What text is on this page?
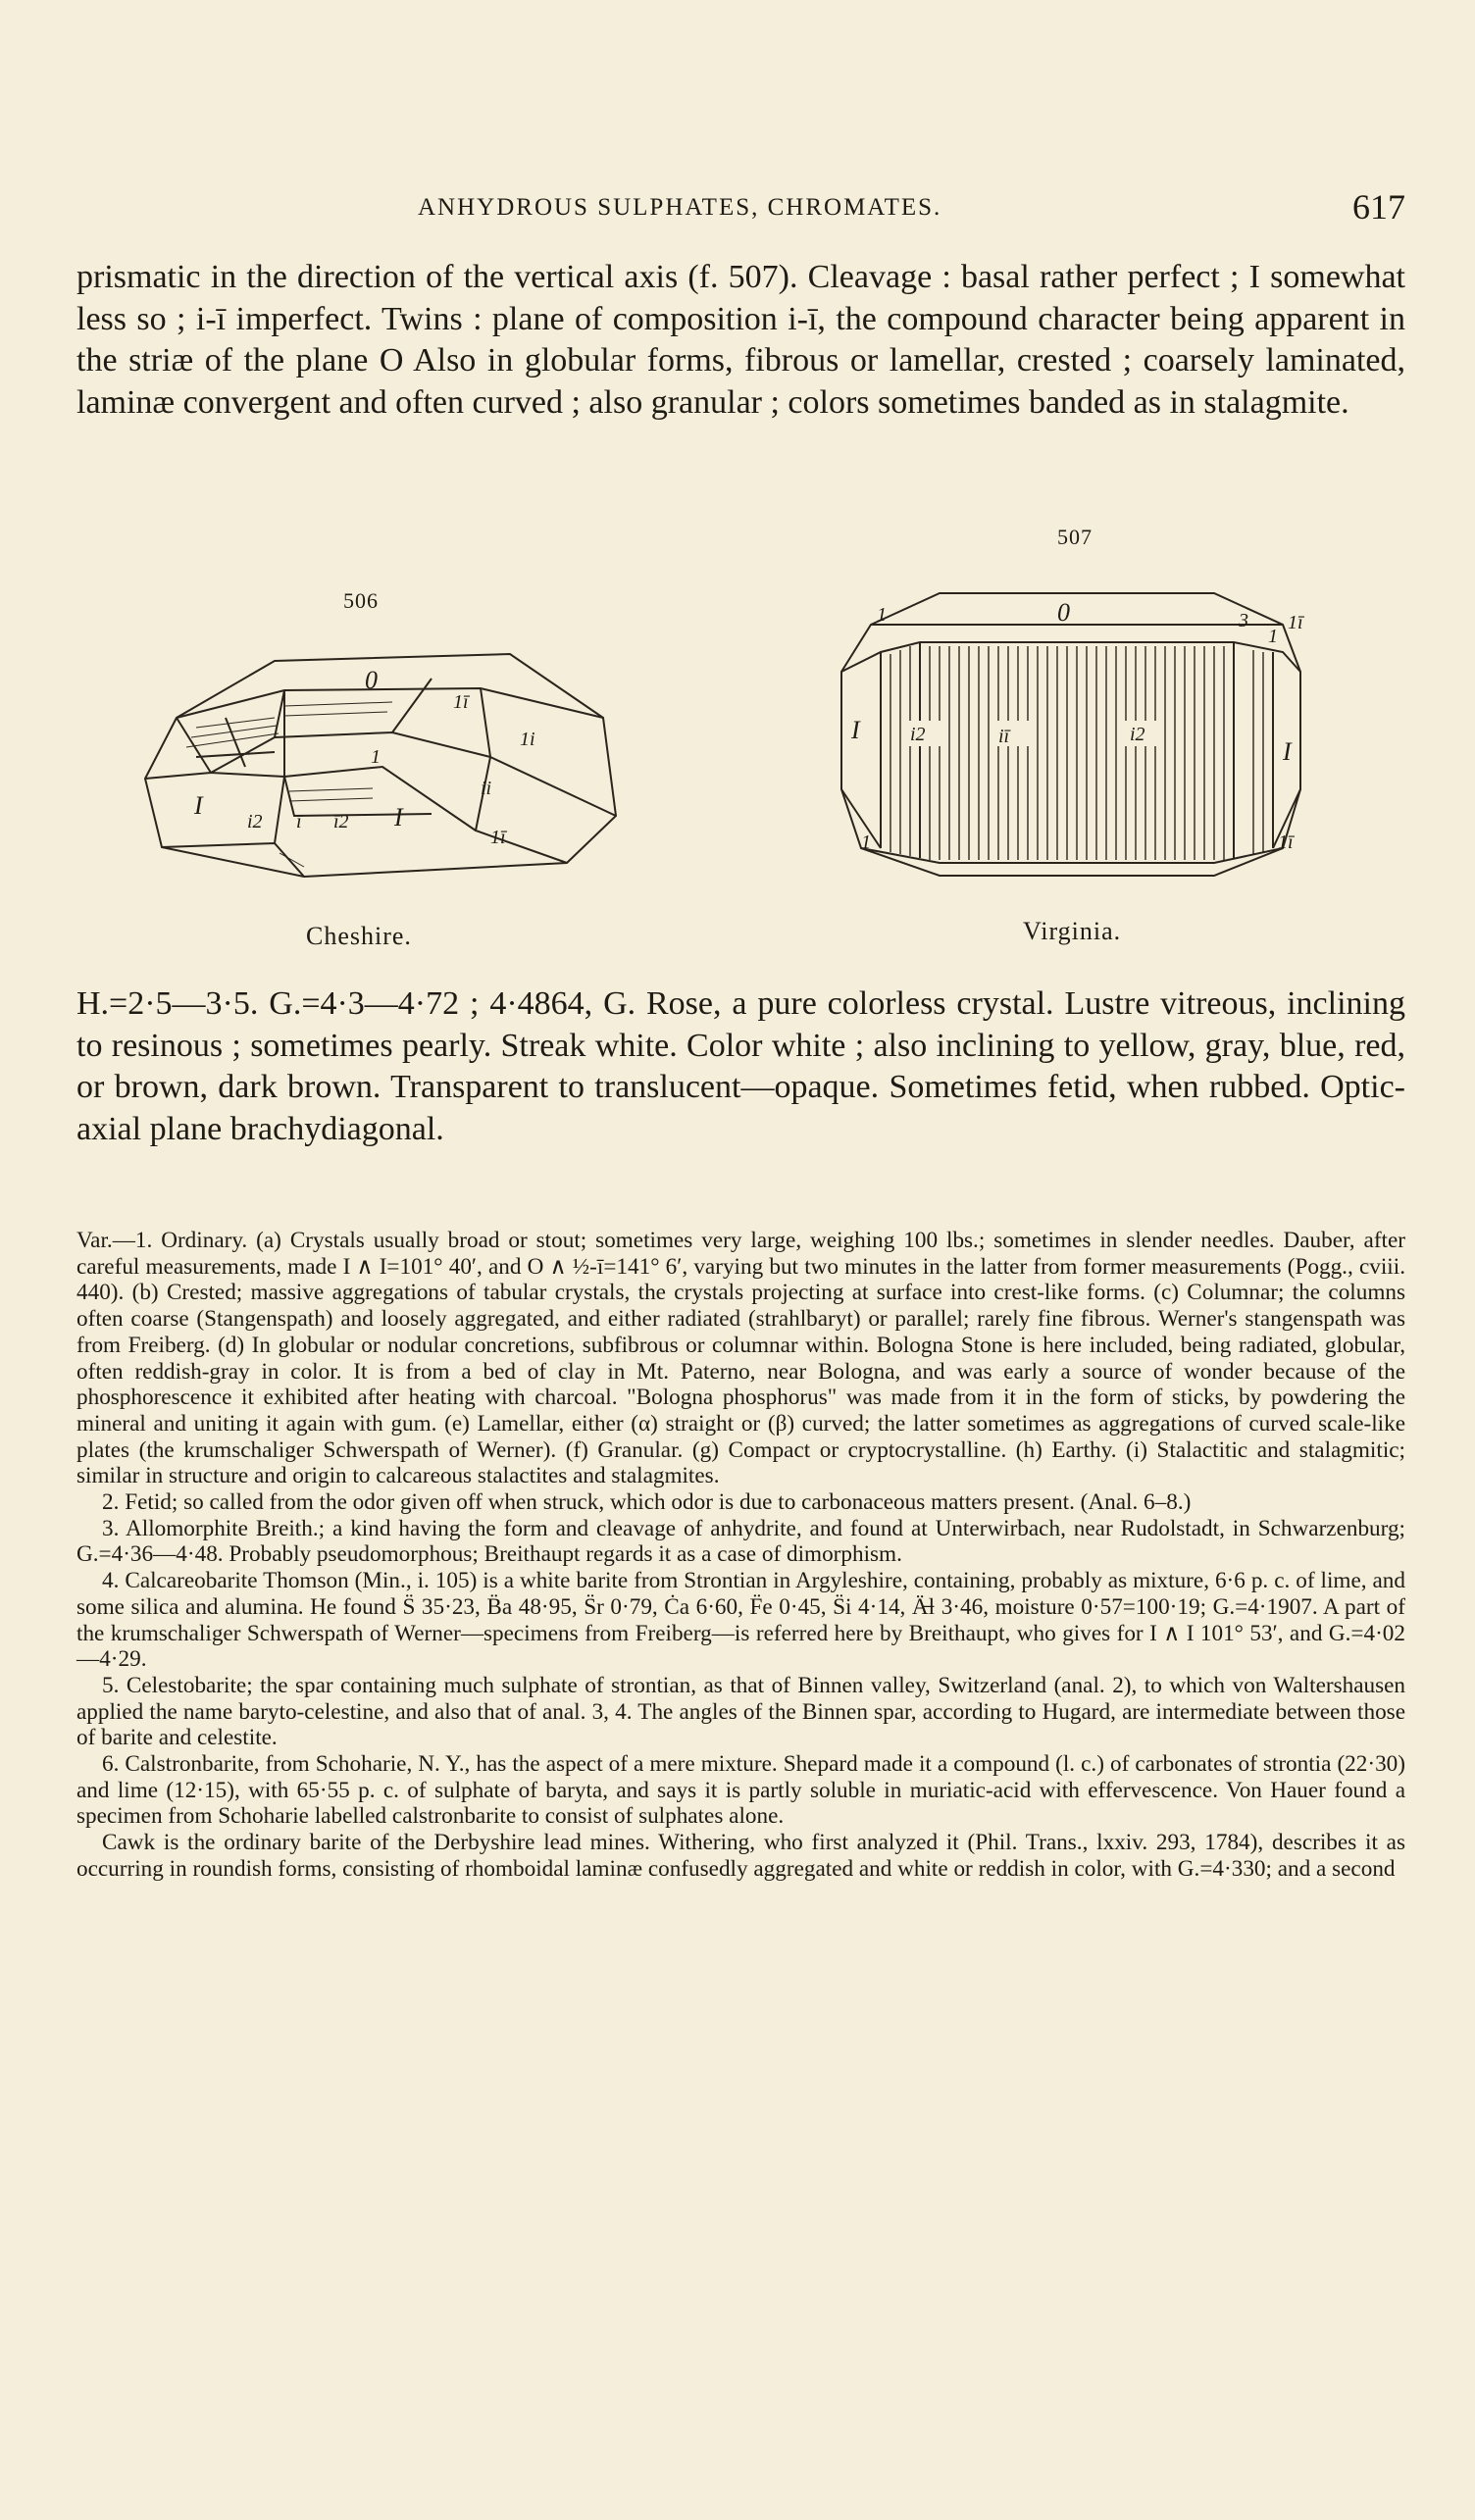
ANHYDROUS SULPHATES, CHROMATES.	617

prismatic in the direction of the vertical axis (f. 507). Cleavage : basal rather perfect ; I somewhat less so ; i-ī imperfect. Twins : plane of composition i-ī, the compound character being apparent in the striæ of the plane O Also in globular forms, fibrous or lamellar, crested ; coarsely laminated, laminæ convergent and often curved ; also granular ; colors sometimes banded as in stalagmite.

506
0
I	I
1ī
ii
1i
i2 ī ī2
1
1ī
Cheshire.
507
0
I
I
i2	iī	i2
1	1ī
1
3
1ī
1
Virginia.

H.=2·5—3·5. G.=4·3—4·72 ; 4·4864, G. Rose, a pure colorless crystal. Lustre vitreous, inclining to resinous ; sometimes pearly. Streak white. Color white ; also inclining to yellow, gray, blue, red, or brown, dark brown. Transparent to translucent—opaque. Sometimes fetid, when rubbed. Optic-axial plane brachydiagonal.

Var.—1. Ordinary. (a) Crystals usually broad or stout; sometimes very large, weighing 100 lbs.; sometimes in slender needles. Dauber, after careful measurements, made I ∧ I=101° 40′, and O ∧ ½-ī=141° 6′, varying but two minutes in the latter from former measurements (Pogg., cviii. 440). (b) Crested; massive aggregations of tabular crystals, the crystals projecting at surface into crest-like forms. (c) Columnar; the columns often coarse (Stangenspath) and loosely aggregated, and either radiated (strahlbaryt) or parallel; rarely fine fibrous. Werner's stangenspath was from Freiberg. (d) In globular or nodular concretions, subfibrous or columnar within. Bologna Stone is here included, being radiated, globular, often reddish-gray in color. It is from a bed of clay in Mt. Paterno, near Bologna, and was early a source of wonder because of the phosphorescence it exhibited after heating with charcoal. "Bologna phosphorus" was made from it in the form of sticks, by powdering the mineral and uniting it again with gum. (e) Lamellar, either (α) straight or (β) curved; the latter sometimes as aggregations of curved scale-like plates (the krumschaliger Schwerspath of Werner). (f) Granular. (g) Compact or cryptocrystalline. (h) Earthy. (i) Stalactitic and stalagmitic; similar in structure and origin to calcareous stalactites and stalagmites.

2. Fetid; so called from the odor given off when struck, which odor is due to carbonaceous matters present. (Anal. 6–8.)

3. Allomorphite Breith.; a kind having the form and cleavage of anhydrite, and found at Unterwirbach, near Rudolstadt, in Schwarzenburg; G.=4·36—4·48. Probably pseudomorphous; Breithaupt regards it as a case of dimorphism.

4. Calcareobarite Thomson (Min., i. 105) is a white barite from Strontian in Argyleshire, containing, probably as mixture, 6·6 p. c. of lime, and some silica and alumina. He found S̈ 35·23, B̈a 48·95, S̈r 0·79, Ċa 6·60, F̈e 0·45, S̈i 4·14, Ä̶l 3·46, moisture 0·57=100·19; G.=4·1907. A part of the krumschaliger Schwerspath of Werner—specimens from Freiberg—is referred here by Breithaupt, who gives for I ∧ I 101° 53′, and G.=4·02—4·29.

5. Celestobarite; the spar containing much sulphate of strontian, as that of Binnen valley, Switzerland (anal. 2), to which von Waltershausen applied the name baryto-celestine, and also that of anal. 3, 4. The angles of the Binnen spar, according to Hugard, are intermediate between those of barite and celestite.

6. Calstronbarite, from Schoharie, N. Y., has the aspect of a mere mixture. Shepard made it a compound (l. c.) of carbonates of strontia (22·30) and lime (12·15), with 65·55 p. c. of sulphate of baryta, and says it is partly soluble in muriatic-acid with effervescence. Von Hauer found a specimen from Schoharie labelled calstronbarite to consist of sulphates alone.

Cawk is the ordinary barite of the Derbyshire lead mines. Withering, who first analyzed it (Phil. Trans., lxxiv. 293, 1784), describes it as occurring in roundish forms, consisting of rhomboidal laminæ confusedly aggregated and white or reddish in color, with G.=4·330; and a second
